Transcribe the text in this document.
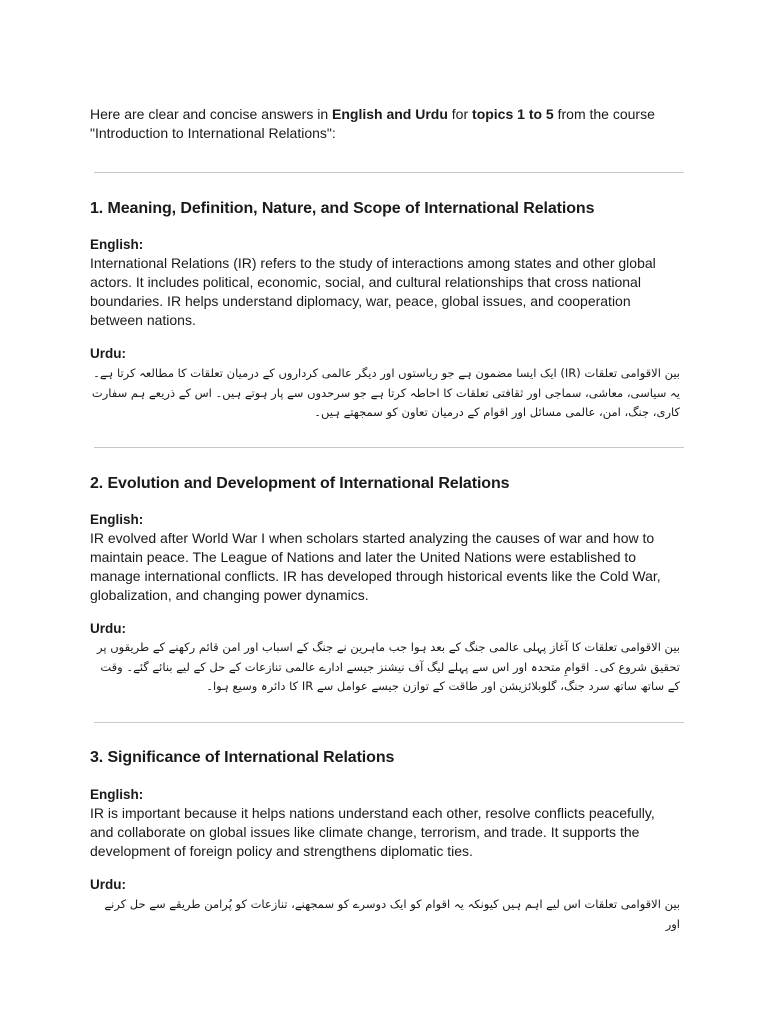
Here are clear and concise answers in English and Urdu for topics 1 to 5 from the course
"Introduction to International Relations":

1. Meaning, Definition, Nature, and Scope of International Relations

English:

International Relations (IR) refers to the study of interactions among states and other global actors. It includes political, economic, social, and cultural relationships that cross national boundaries. IR helps understand diplomacy, war, peace, global issues, and cooperation between nations.

Urdu:

بین الاقوامی تعلقات (IR) ایک ایسا مضمون ہے جو ریاستوں اور دیگر عالمی کرداروں کے درمیان تعلقات کا مطالعہ کرتا ہے۔ یہ سیاسی، معاشی، سماجی اور ثقافتی تعلقات کا احاطہ کرتا ہے جو سرحدوں سے پار ہوتے ہیں۔ اس کے ذریعے ہم سفارت کاری، جنگ، امن، عالمی مسائل اور اقوام کے درمیان تعاون کو سمجھتے ہیں۔

2. Evolution and Development of International Relations

English:

IR evolved after World War I when scholars started analyzing the causes of war and how to maintain peace. The League of Nations and later the United Nations were established to manage international conflicts. IR has developed through historical events like the Cold War, globalization, and changing power dynamics.

Urdu:

بین الاقوامی تعلقات کا آغاز پہلی عالمی جنگ کے بعد ہوا جب ماہرین نے جنگ کے اسباب اور امن قائم رکھنے کے طریقوں پر تحقیق شروع کی۔ اقوامِ متحدہ اور اس سے پہلے لیگ آف نیشنز جیسے ادارے عالمی تنازعات کے حل کے لیے بنائے گئے۔ وقت کے ساتھ ساتھ سرد جنگ، گلوبلائزیشن اور طاقت کے توازن جیسے عوامل سے IR کا دائرہ وسیع ہوا۔

3. Significance of International Relations

English:

IR is important because it helps nations understand each other, resolve conflicts peacefully, and collaborate on global issues like climate change, terrorism, and trade. It supports the development of foreign policy and strengthens diplomatic ties.

Urdu:

بین الاقوامی تعلقات اس لیے اہم ہیں کیونکہ یہ اقوام کو ایک دوسرے کو سمجھنے، تنازعات کو پُرامن طریقے سے حل کرنے اور
